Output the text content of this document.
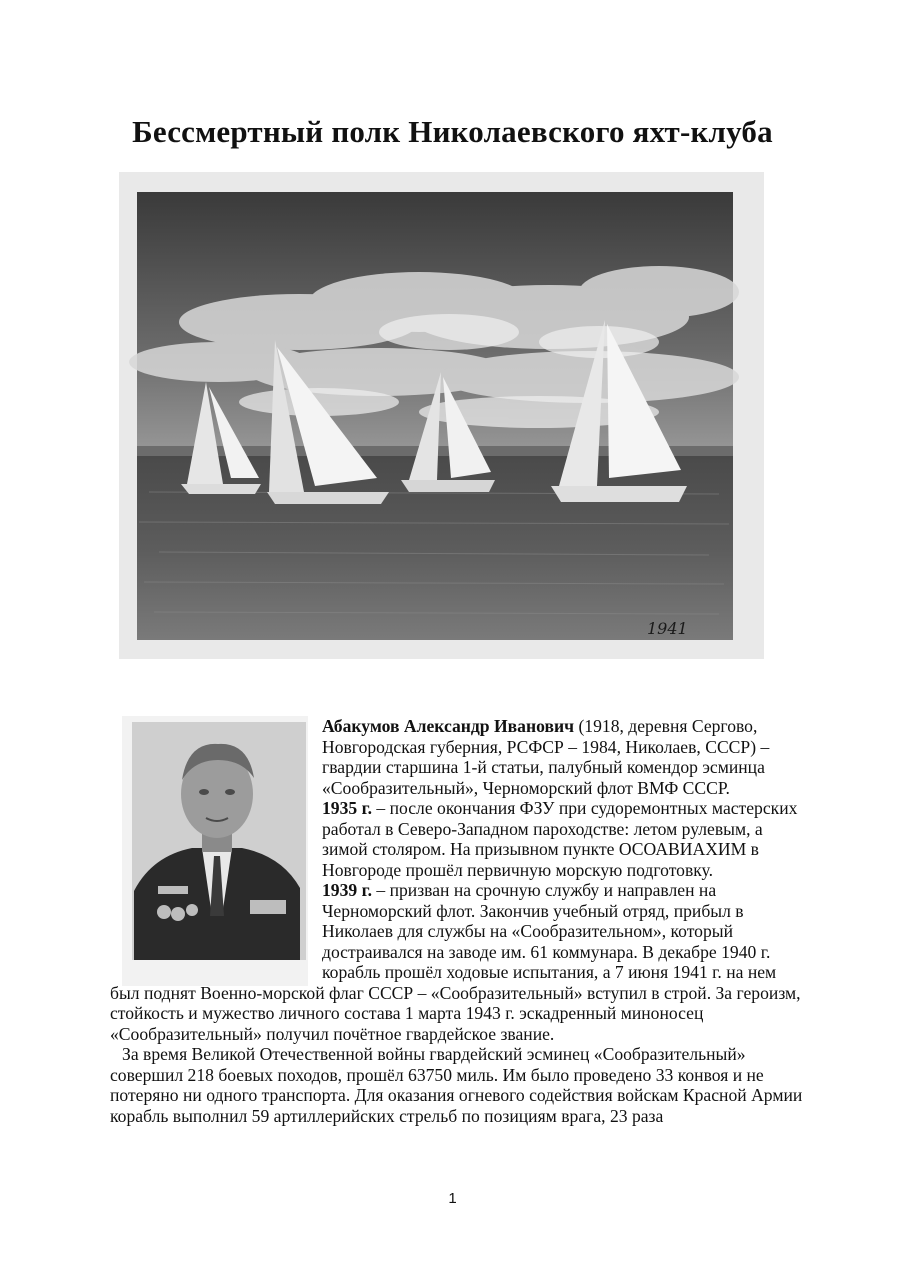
Бессмертный полк Николаевского яхт-клуба
1941

Абакумов Александр Иванович (1918, деревня Сергово, Новгородская губерния, РСФСР – 1984, Николаев, СССР) – гвардии старшина 1-й статьи, палубный комендор эсминца «Сообразительный», Черноморский флот ВМФ СССР.
1935 г. – после окончания ФЗУ при судоремонтных мастерских работал в Северо-Западном пароходстве: летом рулевым, а зимой столяром. На призывном пункте ОСОАВИАХИМ в Новгороде прошёл первичную морскую подготовку.
1939 г. – призван на срочную службу и направлен на Черноморский флот. Закончив учебный отряд, прибыл в Николаев для службы на «Сообразительном», который достраивался на заводе им. 61 коммунара. В декабре 1940 г. корабль прошёл ходовые испытания, а 7 июня 1941 г. на нем был поднят Военно-морской флаг СССР – «Сообразительный» вступил в строй. За героизм, стойкость и мужество личного состава 1 марта 1943 г. эскадренный миноносец «Сообразительный» получил почётное гвардейское звание.

За время Великой Отечественной войны гвардейский эсминец «Сообразительный» совершил 218 боевых походов, прошёл 63750 миль. Им было проведено 33 конвоя и не потеряно ни одного транспорта. Для оказания огневого содействия войскам Красной Армии корабль выполнил 59 артиллерийских стрельб по позициям врага, 23 раза

1
